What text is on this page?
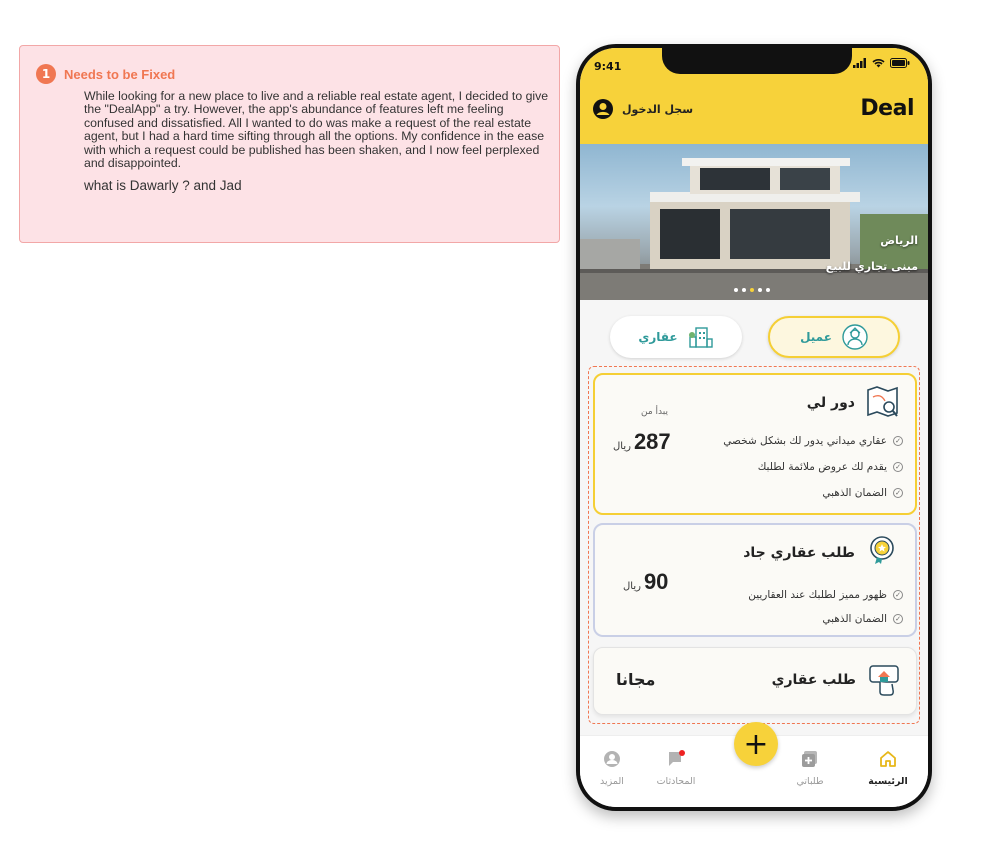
1	Needs to be Fixed
While looking for a new place to live and a reliable real estate agent, I decided to give the "DealApp" a try. However, the app's abundance of features left me feeling confused and dissatisfied. All I wanted to do was make a request of the real estate agent, but I had a hard time sifting through all the options. My confidence in the ease with which a request could be published has been shaken, and I now feel perplexed and disappointed.
what is Dawarly ? and Jad
9:41
Deal
سجل الدخول
الرياض
مبنى تجاري للبيع
عقاري	عميل
دور لي
يبدأ من
ريال 287	✓
عقاري ميداني يدور لك بشكل شخصي
✓
يقدم لك عروض ملائمة لطلبك
✓
الضمان الذهبي
طلب عقاري جاد
ريال 90
✓
ظهور مميز لطلبك عند العقاريين
✓
الضمان الذهبي
طلب عقاري
مجانا
+
الرئيسية
طلباتي
المحادثات
المزيد
